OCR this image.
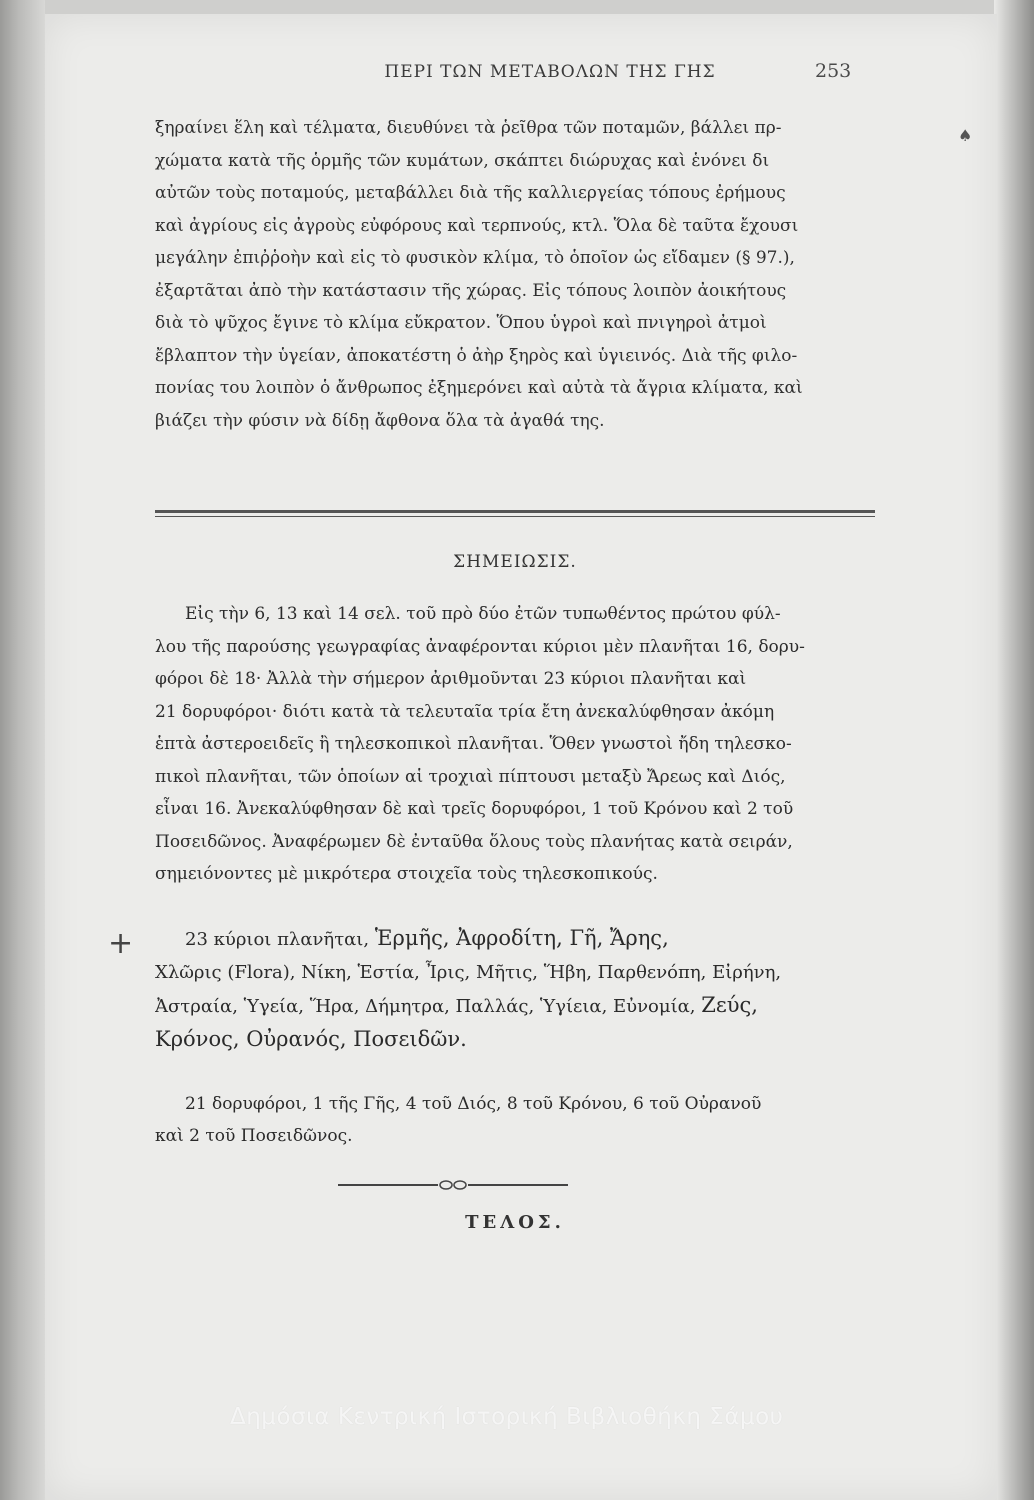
ΠΕΡΙ ΤΩΝ ΜΕΤΑΒΟΛΩΝ ΤΗΣ ΓΗΣ	253
♠
ξηραίνει ἕλη καὶ τέλματα, διευθύνει τὰ ῥεῖθρα τῶν ποταμῶν, βάλλει πρ-
χώματα κατὰ τῆς ὁρμῆς τῶν κυμάτων, σκάπτει διώρυχας καὶ ἑνόνει δι
αὐτῶν τοὺς ποταμούς, μεταβάλλει διὰ τῆς καλλιεργείας τόπους ἐρήμους
καὶ ἀγρίους εἰς ἀγροὺς εὐφόρους καὶ τερπνούς, κτλ. Ὅλα δὲ ταῦτα ἔχουσι
μεγάλην ἐπιῤῥοὴν καὶ εἰς τὸ φυσικὸν κλίμα, τὸ ὁποῖον ὡς εἴδαμεν (§ 97.),
ἐξαρτᾶται ἀπὸ τὴν κατάστασιν τῆς χώρας. Εἰς τόπους λοιπὸν ἀοικήτους
διὰ τὸ ψῦχος ἔγινε τὸ κλίμα εὔκρατον. Ὅπου ὑγροὶ καὶ πνιγηροὶ ἀτμοὶ
ἔβλαπτον τὴν ὑγείαν, ἀποκατέστη ὁ ἀὴρ ξηρὸς καὶ ὑγιεινός. Διὰ τῆς φιλο-
πονίας του λοιπὸν ὁ ἄνθρωπος ἐξημερόνει καὶ αὐτὰ τὰ ἄγρια κλίματα, καὶ
βιάζει τὴν φύσιν νὰ δίδῃ ἄφθονα ὅλα τὰ ἀγαθά της.
ΣΗΜΕΙΩΣΙΣ.
Εἰς τὴν 6, 13 καὶ 14 σελ. τοῦ πρὸ δύο ἐτῶν τυπωθέντος πρώτου φύλ-
λου τῆς παρούσης γεωγραφίας ἀναφέρονται κύριοι μὲν πλανῆται 16, δορυ-
φόροι δὲ 18· Ἀλλὰ τὴν σήμερον ἀριθμοῦνται 23 κύριοι πλανῆται καὶ
21 δορυφόροι· διότι κατὰ τὰ τελευταῖα τρία ἔτη ἀνεκαλύφθησαν ἀκόμη
ἑπτὰ ἀστεροειδεῖς ἢ τηλεσκοπικοὶ πλανῆται. Ὅθεν γνωστοὶ ἤδη τηλεσκο-
πικοὶ πλανῆται, τῶν ὁποίων αἱ τροχιαὶ πίπτουσι μεταξὺ Ἄρεως καὶ Διός,
εἶναι 16. Ἀνεκαλύφθησαν δὲ καὶ τρεῖς δορυφόροι, 1 τοῦ Κρόνου καὶ 2 τοῦ
Ποσειδῶνος. Ἀναφέρωμεν δὲ ἐνταῦθα ὅλους τοὺς πλανήτας κατὰ σειράν,
σημειόνοντες μὲ μικρότερα στοιχεῖα τοὺς τηλεσκοπικούς.
+	23 κύριοι πλανῆται, Ἑρμῆς, Ἀφροδίτη, Γῆ, Ἄρης,
Χλῶρις (Flora), Νίκη, Ἑστία, Ἶρις, Μῆτις, Ἥβη, Παρθενόπη, Εἰρήνη,
Ἀστραία, Ὑγεία, Ἥρα, Δήμητρα, Παλλάς, Ὑγίεια, Εὐνομία, Ζεύς,
Κρόνος, Οὐρανός, Ποσειδῶν.
21 δορυφόροι, 1 τῆς Γῆς, 4 τοῦ Διός, 8 τοῦ Κρόνου, 6 τοῦ Οὐρανοῦ
καὶ 2 τοῦ Ποσειδῶνος.
ΤΕΛΟΣ.
Δημόσια Κεντρική Ιστορική Βιβλιοθήκη Σάμου
